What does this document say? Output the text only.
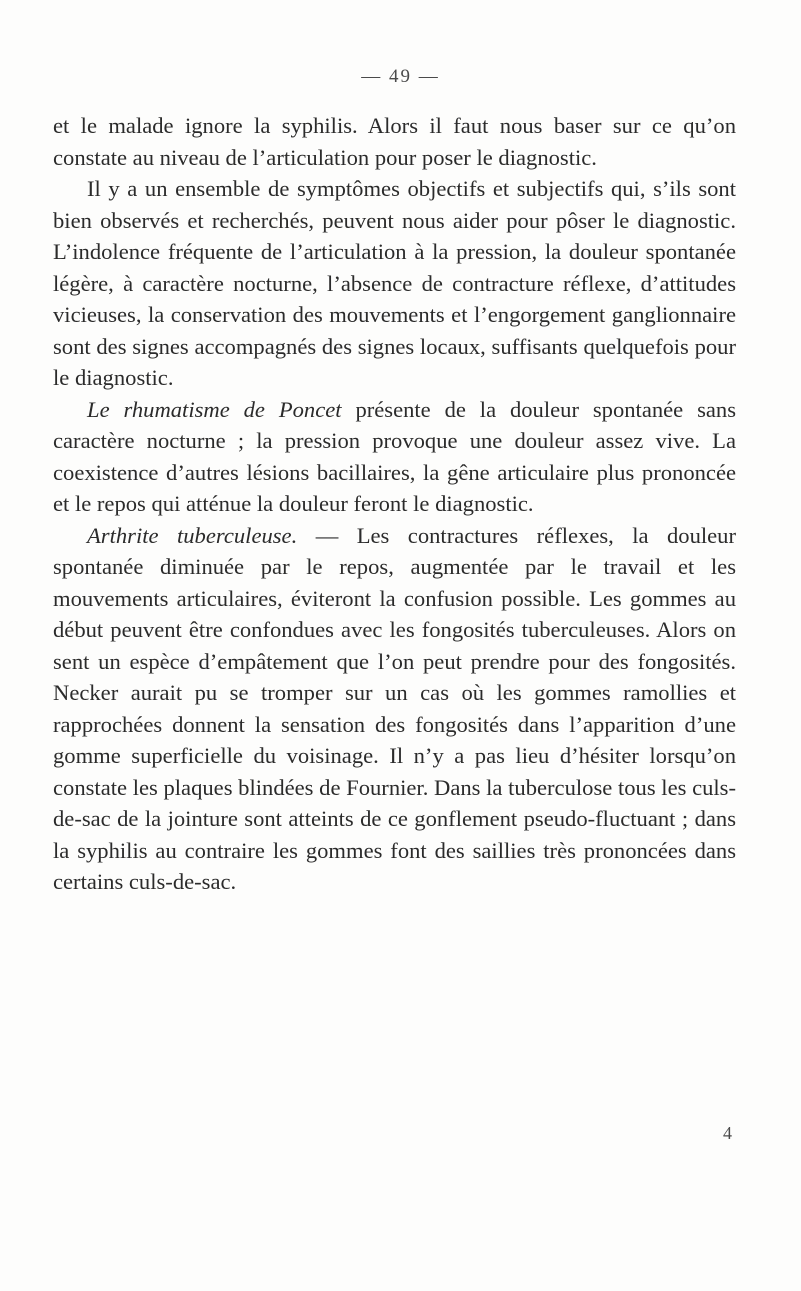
— 49 —

et le malade ignore la syphilis. Alors il faut nous baser sur ce qu’on constate au niveau de l’articulation pour poser le diagnostic.

Il y a un ensemble de symptômes objectifs et subjectifs qui, s’ils sont bien observés et recherchés, peuvent nous aider pour pôser le diagnostic. L’indolence fréquente de l’articulation à la pression, la douleur spontanée légère, à caractère nocturne, l’absence de contracture réflexe, d’attitudes vicieuses, la conservation des mouvements et l’engorgement ganglionnaire sont des signes accompagnés des signes locaux, suffisants quelquefois pour le diagnostic.

Le rhumatisme de Poncet présente de la douleur spontanée sans caractère nocturne ; la pression provoque une douleur assez vive. La coexistence d’autres lésions bacillaires, la gêne articulaire plus prononcée et le repos qui atténue la douleur feront le diagnostic.

Arthrite tuberculeuse. — Les contractures réflexes, la douleur spontanée diminuée par le repos, augmentée par le travail et les mouvements articulaires, éviteront la confusion possible. Les gommes au début peuvent être confondues avec les fongosités tuberculeuses. Alors on sent un espèce d’empâtement que l’on peut prendre pour des fongosités. Necker aurait pu se tromper sur un cas où les gommes ramollies et rapprochées donnent la sensation des fongosités dans l’apparition d’une gomme superficielle du voisinage. Il n’y a pas lieu d’hésiter lorsqu’on constate les plaques blindées de Fournier. Dans la tuberculose tous les culs-de-sac de la jointure sont atteints de ce gonflement pseudo-fluctuant ; dans la syphilis au contraire les gommes font des saillies très prononcées dans certains culs-de-sac.

4
